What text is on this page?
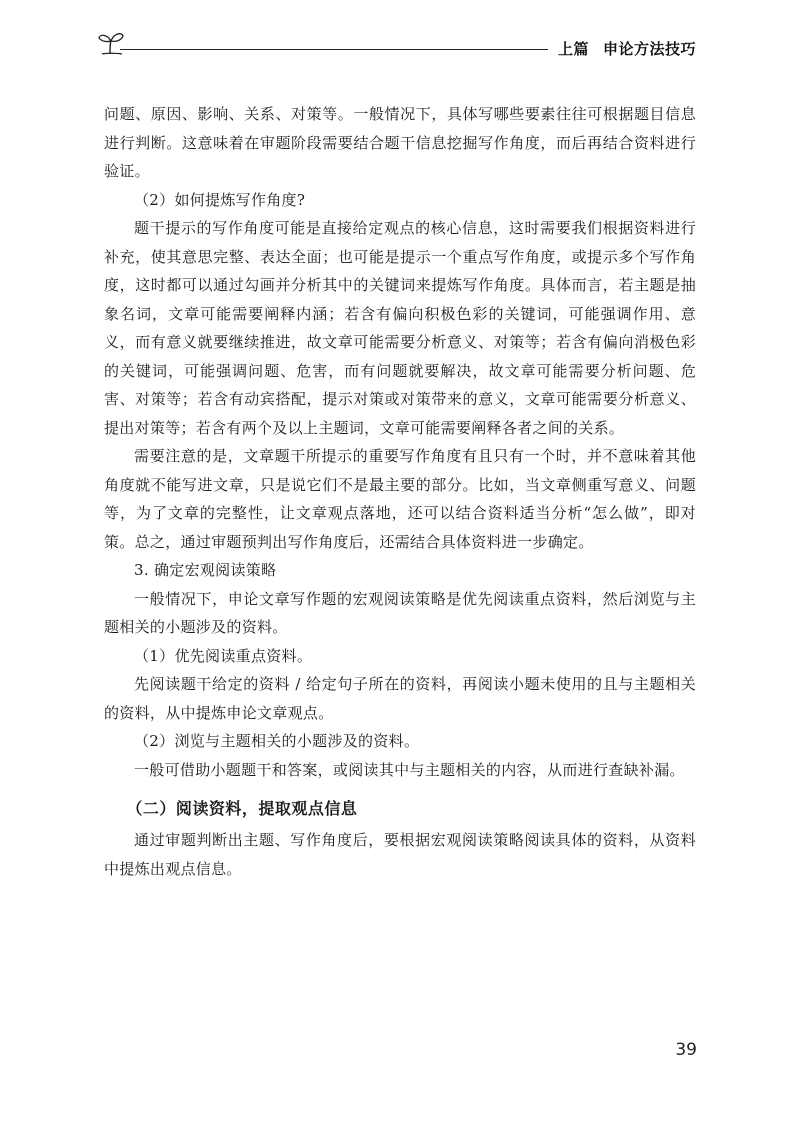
上篇 申论方法技巧

问题、原因、影响、关系、对策等。一般情况下，具体写哪些要素往往可根据题目信息进行判断。这意味着在审题阶段需要结合题干信息挖掘写作角度，而后再结合资料进行验证。

（2）如何提炼写作角度?

题干提示的写作角度可能是直接给定观点的核心信息，这时需要我们根据资料进行补充，使其意思完整、表达全面；也可能是提示一个重点写作角度，或提示多个写作角度，这时都可以通过勾画并分析其中的关键词来提炼写作角度。具体而言，若主题是抽象名词，文章可能需要阐释内涵；若含有偏向积极色彩的关键词，可能强调作用、意义，而有意义就要继续推进，故文章可能需要分析意义、对策等；若含有偏向消极色彩的关键词，可能强调问题、危害，而有问题就要解决，故文章可能需要分析问题、危害、对策等；若含有动宾搭配，提示对策或对策带来的意义，文章可能需要分析意义、提出对策等；若含有两个及以上主题词，文章可能需要阐释各者之间的关系。

需要注意的是，文章题干所提示的重要写作角度有且只有一个时，并不意味着其他角度就不能写进文章，只是说它们不是最主要的部分。比如，当文章侧重写意义、问题等，为了文章的完整性，让文章观点落地，还可以结合资料适当分析“怎么做”，即对策。总之，通过审题预判出写作角度后，还需结合具体资料进一步确定。

3. 确定宏观阅读策略

一般情况下，申论文章写作题的宏观阅读策略是优先阅读重点资料，然后浏览与主题相关的小题涉及的资料。

（1）优先阅读重点资料。

先阅读题干给定的资料 / 给定句子所在的资料，再阅读小题未使用的且与主题相关的资料，从中提炼申论文章观点。

（2）浏览与主题相关的小题涉及的资料。

一般可借助小题题干和答案，或阅读其中与主题相关的内容，从而进行查缺补漏。

（二）阅读资料，提取观点信息

通过审题判断出主题、写作角度后，要根据宏观阅读策略阅读具体的资料，从资料中提炼出观点信息。

39
